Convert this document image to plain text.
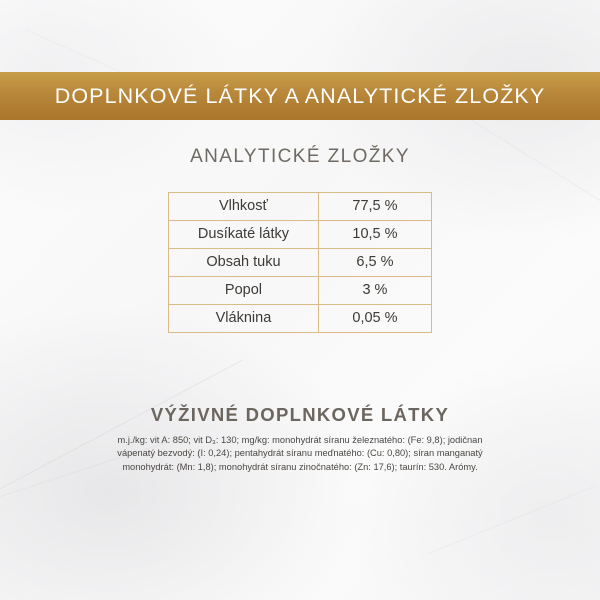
DOPLNKOVÉ LÁTKY A ANALYTICKÉ ZLOŽKY
ANALYTICKÉ ZLOŽKY
Vlhkosť	77,5 %
Dusíkaté látky	10,5 %
Obsah tuku	6,5 %
Popol	3 %
Vláknina	0,05 %
VÝŽIVNÉ DOPLNKOVÉ LÁTKY
m.j./kg: vit A: 850; vit D₃: 130; mg/kg: monohydrát síranu železnatého: (Fe: 9,8); jodičnan vápenatý bezvodý: (I: 0,24); pentahydrát síranu meďnatého: (Cu: 0,80); síran manganatý monohydrát: (Mn: 1,8); monohydrát síranu zinočnatého: (Zn: 17,6); taurín: 530. Arómy.
